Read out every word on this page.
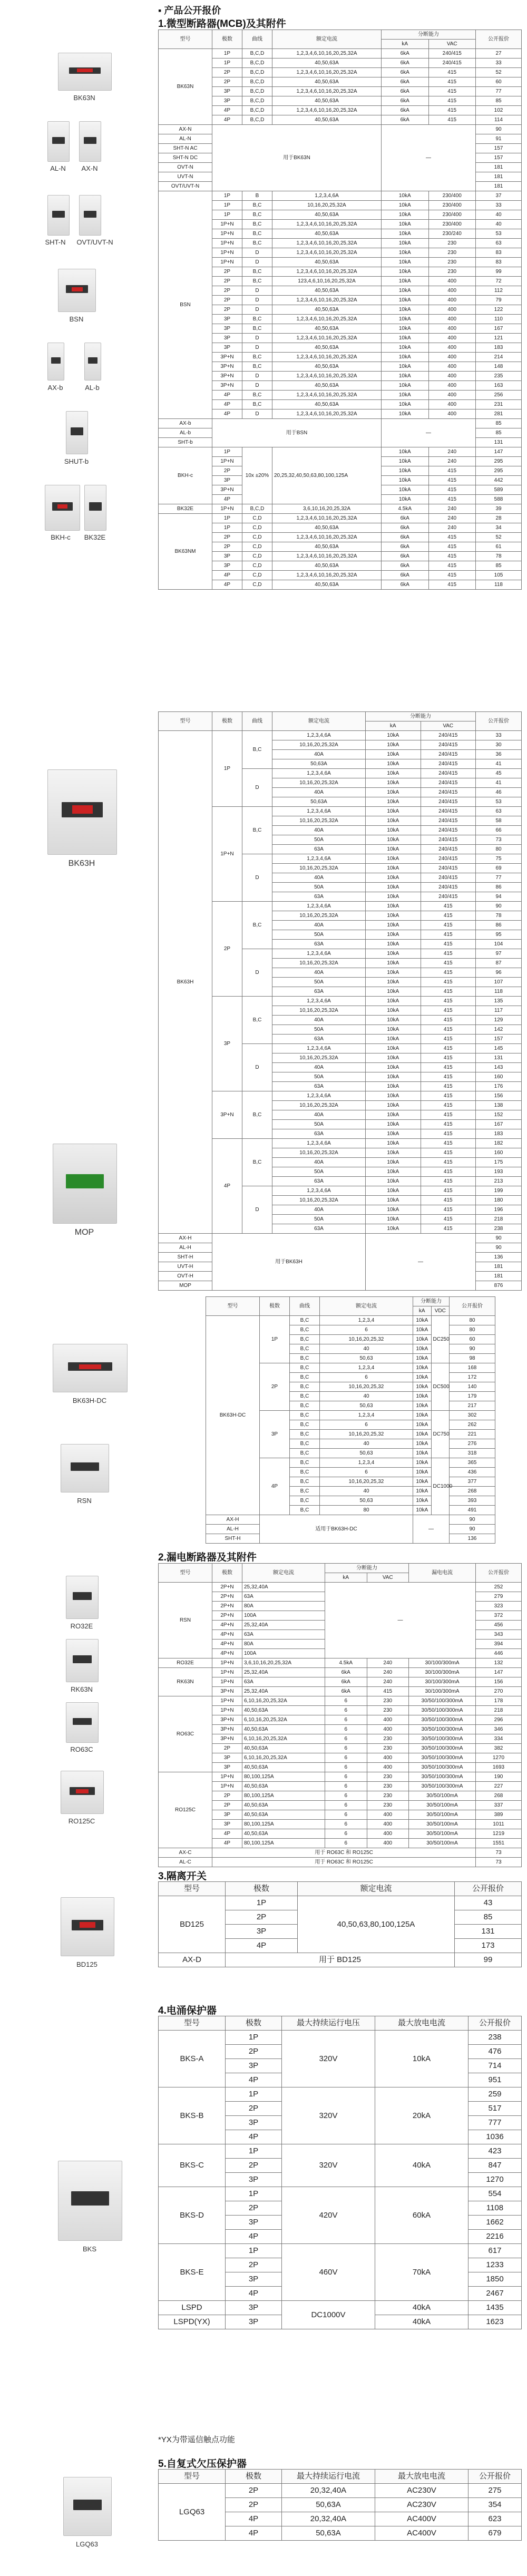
▪ 产品公开报价
1.微型断路器(MCB)及其附件
型号	极数	曲线	额定电流	分断能力		公开报价
				kA	VAC	
BK63N	1P	B,C,D	1,2,3,4,6,10,16,20,25,32A	6kA	240/415	27
	1P	B,C,D	40,50,63A	6kA	240/415	33
	2P	B,C,D	1,2,3,4,6,10,16,20,25,32A	6kA	415	52
	2P	B,C,D	40,50,63A	6kA	415	60
	3P	B,C,D	1,2,3,4,6,10,16,20,25,32A	6kA	415	77
	3P	B,C,D	40,50,63A	6kA	415	85
	4P	B,C,D	1,2,3,4,6,10,16,20,25,32A	6kA	415	102
	4P	B,C,D	40,50,63A	6kA	415	114
AX-N	用于BK63N			—		90
AL-N						91
SHT-N AC						157
SHT-N DC						157
OVT-N						181
UVT-N						181
OVT/UVT-N						181
BSN	1P	B	1,2,3,4,6A	10kA	230/400	37
	1P	B,C	10,16,20,25,32A	10kA	230/400	33
	1P	B,C	40,50,63A	10kA	230/400	40
	1P+N	B,C	1,2,3,4,6,10,16,20,25,32A	10kA	230/400	40
	1P+N	B,C	40,50,63A	10kA	230/240	53
	1P+N	B,C	1,2,3,4,6,10,16,20,25,32A	10kA	230	63
	1P+N	D	1,2,3,4,6,10,16,20,25,32A	10kA	230	83
	1P+N	D	40,50,63A	10kA	230	83
	2P	B,C	1,2,3,4,6,10,16,20,25,32A	10kA	230	99
	2P	B,C	123,4,6,10,16,20,25,32A	10kA	400	72
	2P	D	40,50,63A	10kA	400	112
	2P	D	1,2,3,4,6,10,16,20,25,32A	10kA	400	79
	2P	D	40,50,63A	10kA	400	122
	3P	B,C	1,2,3,4,6,10,16,20,25,32A	10kA	400	110
	3P	B,C	40,50,63A	10kA	400	167
	3P	D	1,2,3,4,6,10,16,20,25,32A	10kA	400	121
	3P	D	40,50,63A	10kA	400	183
	3P+N	B,C	1,2,3,4,6,10,16,20,25,32A	10kA	400	214
	3P+N	B,C	40,50,63A	10kA	400	148
	3P+N	D	1,2,3,4,6,10,16,20,25,32A	10kA	400	235
	3P+N	D	40,50,63A	10kA	400	163
	4P	B,C	1,2,3,4,6,10,16,20,25,32A	10kA	400	256
	4P	B,C	40,50,63A	10kA	400	231
	4P	D	1,2,3,4,6,10,16,20,25,32A	10kA	400	281
AX-b	用于BSN			—		85
AL-b						85
SHT-b						131
BKH-c	1P	10x ±20%	20,25,32,40,50,63,80,100,125A	10kA	240	147
	1P+N			10kA	240	295
	2P			10kA	415	295
	3P			10kA	415	442
	3P+N			10kA	415	589
	4P			10kA	415	588
BK32E	1P+N	B,C,D	3,6,10,16,20,25,32A	4.5kA	240	39
BK63NM	1P	C,D	1,2,3,4,6,10,16,20,25,32A	6kA	240	28
	1P	C,D	40,50,63A	6kA	240	34
	2P	C,D	1,2,3,4,6,10,16,20,25,32A	6kA	415	52
	2P	C,D	40,50,63A	6kA	415	61
	3P	C,D	1,2,3,4,6,10,16,20,25,32A	6kA	415	78
	3P	C,D	40,50,63A	6kA	415	85
	4P	C,D	1,2,3,4,6,10,16,20,25,32A	6kA	415	105
	4P	C,D	40,50,63A	6kA	415	118
型号	极数	曲线	额定电流	分断能力		公开报价
				kA	VAC	
BK63H	1P	B,C	1,2,3,4,6A	10kA	240/415	33
			10,16,20,25,32A	10kA	240/415	30
			40A	10kA	240/415	36
			50,63A	10kA	240/415	41
		D	1,2,3,4,6A	10kA	240/415	45
			10,16,20,25,32A	10kA	240/415	41
			40A	10kA	240/415	46
			50,63A	10kA	240/415	53
	1P+N	B,C	1,2,3,4,6A	10kA	240/415	63
			10,16,20,25,32A	10kA	240/415	58
			40A	10kA	240/415	66
			50A	10kA	240/415	73
			63A	10kA	240/415	80
		D	1,2,3,4,6A	10kA	240/415	75
			10,16,20,25,32A	10kA	240/415	69
			40A	10kA	240/415	77
			50A	10kA	240/415	86
			63A	10kA	240/415	94
	2P	B,C	1,2,3,4,6A	10kA	415	90
			10,16,20,25,32A	10kA	415	78
			40A	10kA	415	86
			50A	10kA	415	95
			63A	10kA	415	104
		D	1,2,3,4,6A	10kA	415	97
			10,16,20,25,32A	10kA	415	87
			40A	10kA	415	96
			50A	10kA	415	107
			63A	10kA	415	118
	3P	B,C	1,2,3,4,6A	10kA	415	135
			10,16,20,25,32A	10kA	415	117
			40A	10kA	415	129
			50A	10kA	415	142
			63A	10kA	415	157
		D	1,2,3,4,6A	10kA	415	145
			10,16,20,25,32A	10kA	415	131
			40A	10kA	415	143
			50A	10kA	415	160
			63A	10kA	415	176
	3P+N	B,C	1,2,3,4,6A	10kA	415	156
			10,16,20,25,32A	10kA	415	138
			40A	10kA	415	152
			50A	10kA	415	167
			63A	10kA	415	183
	4P	B,C	1,2,3,4,6A	10kA	415	182
			10,16,20,25,32A	10kA	415	160
			40A	10kA	415	175
			50A	10kA	415	193
			63A	10kA	415	213
		D	1,2,3,4,6A	10kA	415	199
			10,16,20,25,32A	10kA	415	180
			40A	10kA	415	196
			50A	10kA	415	218
			63A	10kA	415	238
AX-H	用于BK63H			—		90
AL-H						90
SHT-H						136
UVT-H						181
OVT-H						181
MOP						876
型号	极数	曲线	额定电流	分断能力		公开报价
				kA	VDC	
BK63H-DC	1P	B,C	1,2,3,4	10kA	DC250	80
		B,C	6	10kA		80
		B,C	10,16,20,25,32	10kA		60
		B,C	40	10kA		90
		B,C	50,63	10kA		98
	2P	B,C	1,2,3,4	10kA	DC500	168
		B,C	6	10kA		172
		B,C	10,16,20,25,32	10kA		140
		B,C	40	10kA		179
		B,C	50,63	10kA		217
	3P	B,C	1,2,3,4	10kA	DC750	302
		B,C	6	10kA		262
		B,C	10,16,20,25,32	10kA		221
		B,C	40	10kA		276
		B,C	50,63	10kA		318
	4P	B,C	1,2,3,4	10kA	DC1000	365
		B,C	6	10kA		436
		B,C	10,16,20,25,32	10kA		377
		B,C	40	10kA		268
		B,C	50,63	10kA		393
		B,C	80	10kA		491
AX-H	适用于BK63H-DC			—		90
AL-H						90
SHT-H						136
2.漏电断路器及其附件
型号	极数	额定电流	分断能力		漏电电流	公开报价
			kA	VAC		
RSN	2P+N	25,32,40A	—			252
	2P+N	63A				279
	2P+N	80A				323
	2P+N	100A				372
	4P+N	25,32,40A				456
	4P+N	63A				343
	4P+N	80A				394
	4P+N	100A				446
RO32E	1P+N	3,6,10,16,20,25,32A	4.5kA	240	30/100/300mA	132
RK63N	1P+N	25,32,40A	6kA	240	30/100/300mA	147
	1P+N	63A	6kA	240	30/100/300mA	156
	3P+N	25,32,40A	6kA	415	30/100/300mA	270
RO63C	1P+N	6,10,16,20,25,32A	6	230	30/50/100/300mA	178
	1P+N	40,50,63A	6	230	30/50/100/300mA	218
	3P+N	6,10,16,20,25,32A	6	400	30/50/100/300mA	296
	3P+N	40,50,63A	6	400	30/50/100/300mA	346
	3P+N	6,10,16,20,25,32A	6	230	30/50/100/300mA	334
	2P	40,50,63A	6	230	30/50/100/300mA	382
	3P	6,10,16,20,25,32A	6	400	30/50/100/300mA	1270
	3P	40,50,63A	6	400	30/50/100/300mA	1693
RO125C	1P+N	80,100,125A	6	230	30/50/100/300mA	190
	1P+N	40,50,63A	6	230	30/50/100/300mA	227
	2P	80,100,125A	6	230	30/50/100mA	268
	2P	40,50,63A	6	230	30/50/100mA	337
	3P	40,50,63A	6	400	30/50/100mA	389
	3P	80,100,125A	6	400	30/50/100mA	1011
	4P	40,50,63A	6	400	30/50/100mA	1219
	4P	80,100,125A	6	400	30/50/100mA	1551
AX-C	用于 RO63C 和 RO125C					73
AL-C	用于 RO63C 和 RO125C					73
3.隔离开关
型号	极数	额定电流	公开报价
BD125	1P	40,50,63,80,100,125A	43
	2P		85
	3P		131
	4P		173
AX-D	用于 BD125		99
4.电涌保护器
型号	极数	最大持续运行电压	最大放电电流	公开报价
BKS-A	1P	320V	10kA	238
	2P			476
	3P			714
	4P			951
BKS-B	1P	320V	20kA	259
	2P			517
	3P			777
	4P			1036
BKS-C	1P	320V	40kA	423
	2P			847
	3P			1270
BKS-D	1P	420V	60kA	554
	2P			1108
	3P			1662
	4P			2216
BKS-E	1P	460V	70kA	617
	2P			1233
	3P			1850
	4P			2467
LSPD	3P	DC1000V	40kA	1435
LSPD(YX)	3P		40kA	1623
*YX为带遥信触点功能
5.自复式欠压保护器
型号	极数	最大持续运行电流	最大放电电流	公开报价
LGQ63	2P	20,32,40A	AC230V	275
	2P	50,63A	AC230V	354
	4P	20,32,40A	AC400V	623
	4P	50,63A	AC400V	679
BK63N
AL-N	AX-N
SHT-N	OVT/UVT-N
BSN
AX-b	AL-b
SHUT-b
BKH-c	BK32E
BK63H
MOP
BK63H-DC
RSN
RO32E
RK63N
RO63C
RO125C
BD125
BKS
LGQ63
